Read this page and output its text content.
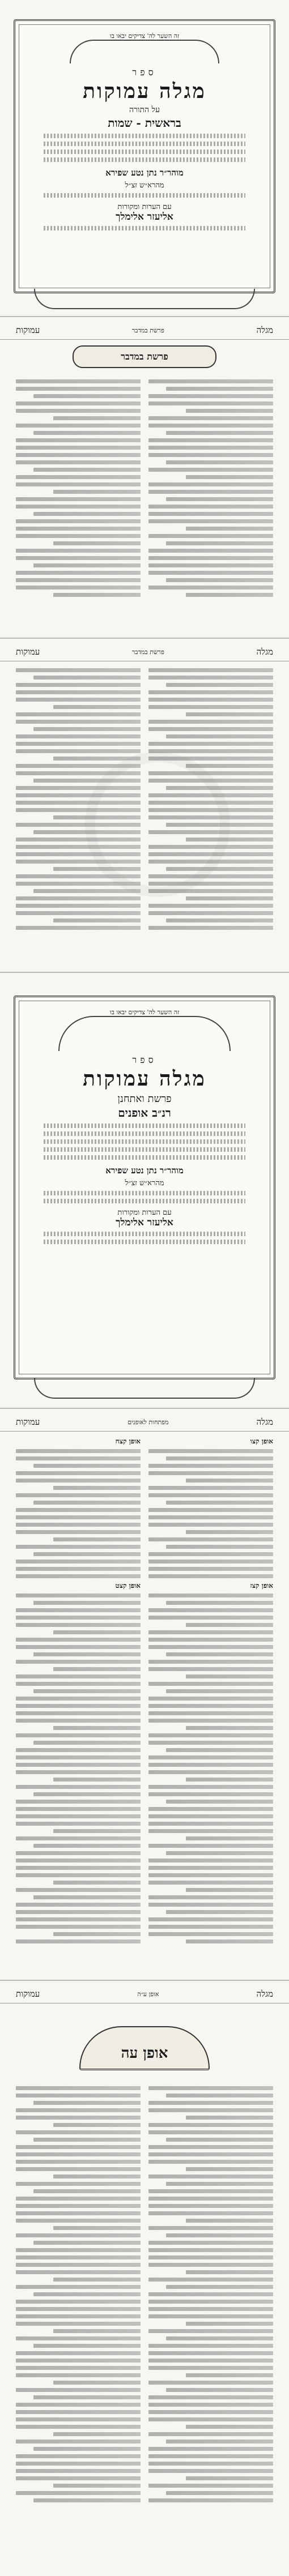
זה השער לה' צדיקים יבאו בו
ספר
מגלה עמוקות
על התורה
בראשית - שמות
מוהר״ר נתן נטע שפירא
מהרא״ש זצ״ל
עם הערות ומקורות
אליעזר אלימלך
מגלה
פרשת במדבר
עמוקות
פרשת במדבר
מגלה
פרשת במדבר
עמוקות
זה השער לה' צדיקים יבאו בו
ספר
מגלה עמוקות
פרשת ואתחנן
רנ״ב אופנים
מוהר״ר נתן נטע שפירא
מהרא״ש זצ״ל
עם הערות ומקורות
אליעזר אלימלך
מגלה
מפתחות לאופנים
עמוקות
אופן קצו
אופן קצז
אופן קצח
אופן קצט
מגלה
אופן ע״ה
עמוקות
אופן עה
